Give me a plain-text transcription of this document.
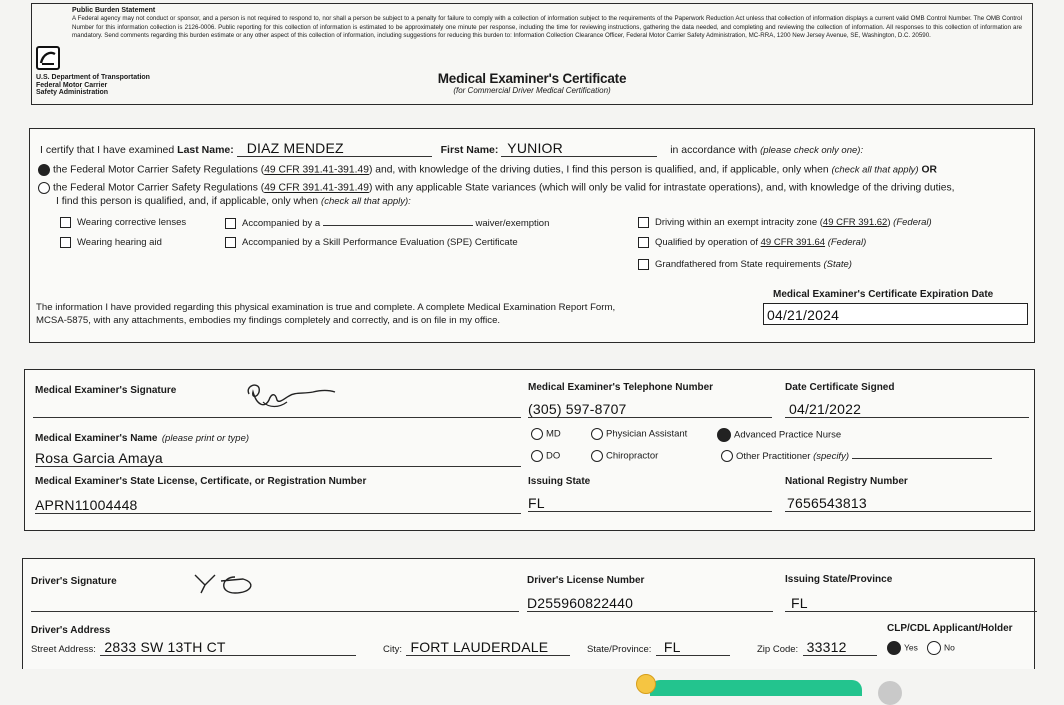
Public Burden Statement
A Federal agency may not conduct or sponsor, and a person is not required to respond to, nor shall a person be subject to a penalty for failure to comply with a collection of information subject to the requirements of the Paperwork Reduction Act unless that collection of information displays a current valid OMB Control Number. The OMB Control Number for this information collection is 2126-0006. Public reporting for this collection of information is estimated to be approximately one minute per response, including the time for reviewing instructions, gathering the data needed, and completing and reviewing the collection of information. All responses to this collection of information are mandatory. Send comments regarding this burden estimate or any other aspect of this collection of information, including suggestions for reducing this burden to: Information Collection Clearance Officer, Federal Motor Carrier Safety Administration, MC-RRA, 1200 New Jersey Avenue, SE, Washington, D.C. 20590.
U.S. Department of Transportation
Federal Motor Carrier
Safety Administration
Medical Examiner's Certificate
(for Commercial Driver Medical Certification)
I certify that I have examined Last Name: DIAZ MENDEZ	First Name: YUNIOR	in accordance with (please check only one):
the Federal Motor Carrier Safety Regulations (49 CFR 391.41-391.49) and, with knowledge of the driving duties, I find this person is qualified, and, if applicable, only when (check all that apply) OR
the Federal Motor Carrier Safety Regulations (49 CFR 391.41-391.49) with any applicable State variances (which will only be valid for intrastate operations), and, with knowledge of the driving duties,
I find this person is qualified, and, if applicable, only when (check all that apply):
Wearing corrective lenses
Wearing hearing aid
Accompanied by a	waiver/exemption
Accompanied by a Skill Performance Evaluation (SPE) Certificate
Driving within an exempt intracity zone (49 CFR 391.62) (Federal)
Qualified by operation of 49 CFR 391.64 (Federal)
Grandfathered from State requirements (State)
The information I have provided regarding this physical examination is true and complete. A complete Medical Examination Report Form,
MCSA-5875, with any attachments, embodies my findings completely and correctly, and is on file in my office.
Medical Examiner's Certificate Expiration Date
04/21/2024
Medical Examiner's Signature	Medical Examiner's Telephone Number
(305) 597-8707
Date Certificate Signed
04/21/2022
Medical Examiner's Name (please print or type)
Rosa Garcia Amaya
MD
DO
Physician Assistant
Chiropractor
Advanced Practice Nurse
Other Practitioner (specify)
Medical Examiner's State License, Certificate, or Registration Number
APRN11004448
Issuing State
FL
National Registry Number
7656543813
Driver's Signature	Driver's License Number
D255960822440
Issuing State/Province
FL
Driver's Address
Street Address: 2833 SW 13TH CT	City: FORT LAUDERDALE	State/Province: FL	Zip Code: 33312
CLP/CDL Applicant/Holder
Yes	No
